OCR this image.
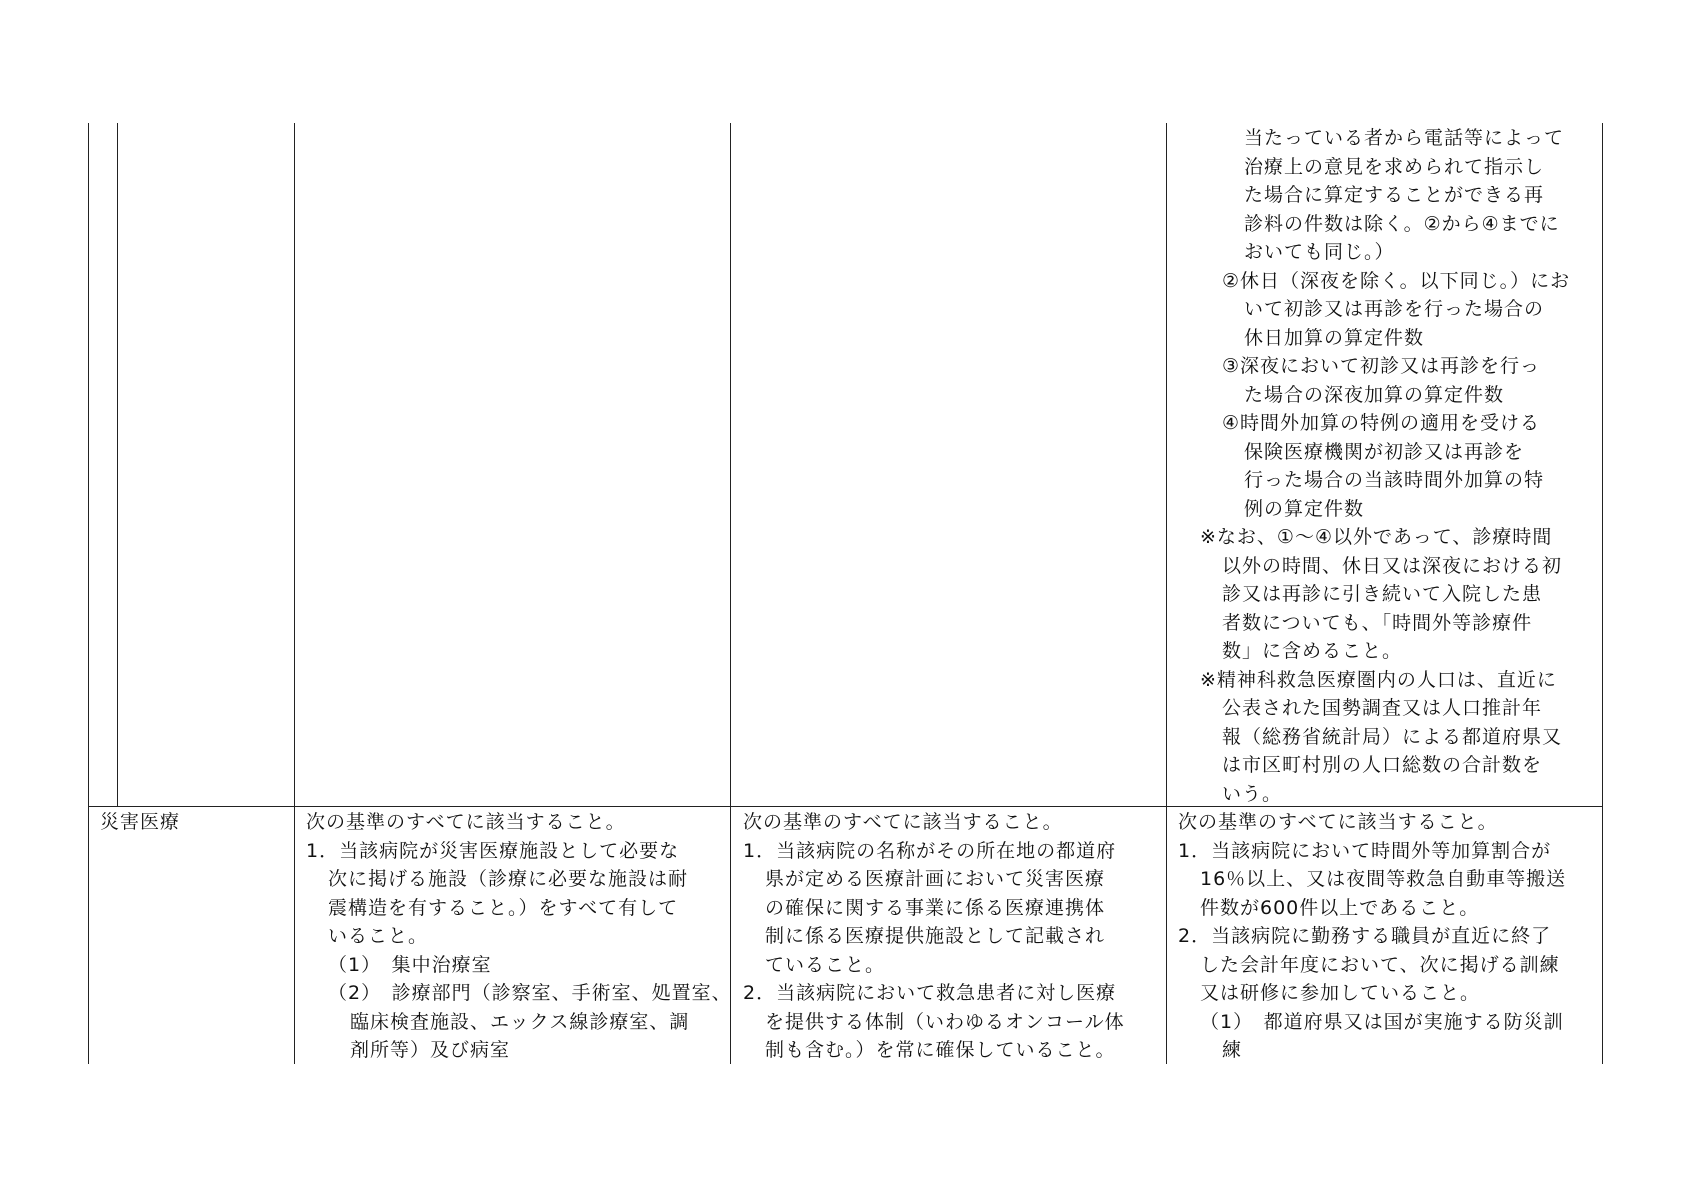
当たっている者から電話等によって
治療上の意見を求められて指示し
た場合に算定することができる再
診料の件数は除く。②から④までに
おいても同じ。）
②休日（深夜を除く。以下同じ。）にお
いて初診又は再診を行った場合の
休日加算の算定件数
③深夜において初診又は再診を行っ
た場合の深夜加算の算定件数
④時間外加算の特例の適用を受ける
保険医療機関が初診又は再診を
行った場合の当該時間外加算の特
例の算定件数
※なお、①～④以外であって、診療時間
以外の時間、休日又は深夜における初
診又は再診に引き続いて入院した患
者数についても、「時間外等診療件
数」に含めること。
※精神科救急医療圏内の人口は、直近に
公表された国勢調査又は人口推計年
報（総務省統計局）による都道府県又
は市区町村別の人口総数の合計数を
いう。
災害医療	次の基準のすべてに該当すること。
1．当該病院が災害医療施設として必要な
次に掲げる施設（診療に必要な施設は耐
震構造を有すること。）をすべて有して
いること。
（1）　集中治療室
（2）　診療部門（診察室、手術室、処置室、
臨床検査施設、エックス線診療室、調
剤所等）及び病室
次の基準のすべてに該当すること。
1．当該病院の名称がその所在地の都道府
県が定める医療計画において災害医療
の確保に関する事業に係る医療連携体
制に係る医療提供施設として記載され
ていること。
2．当該病院において救急患者に対し医療
を提供する体制（いわゆるオンコール体
制も含む。）を常に確保していること。
次の基準のすべてに該当すること。
1．当該病院において時間外等加算割合が
16％以上、又は夜間等救急自動車等搬送
件数が600件以上であること。
2．当該病院に勤務する職員が直近に終了
した会計年度において、次に掲げる訓練
又は研修に参加していること。
（1）　都道府県又は国が実施する防災訓
練
